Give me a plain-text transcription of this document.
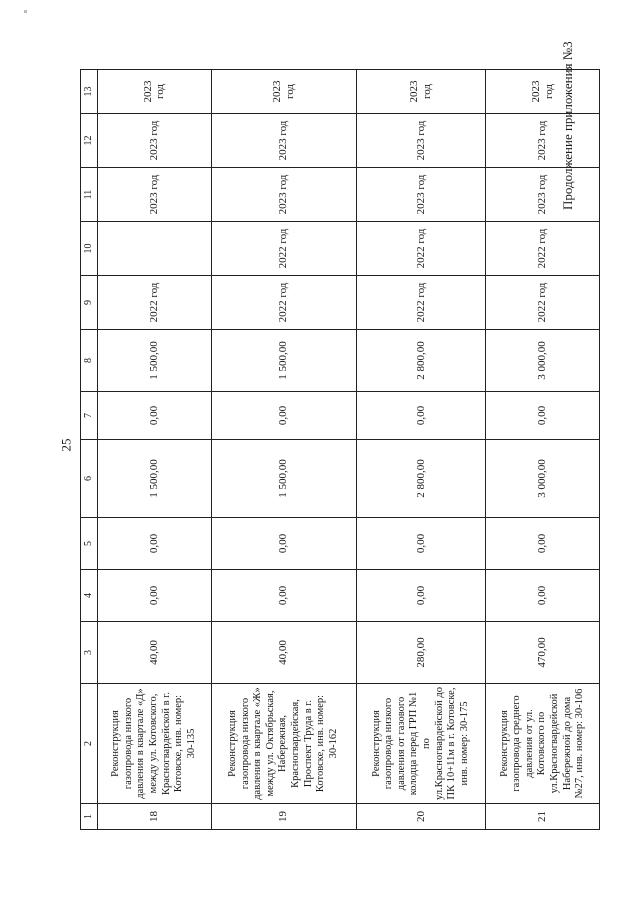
25
Продолжение приложения №3
1	2	3	4	5	6	7	8	9	10	11	12	13
18	Реконструкция газопровода низкого давления в квартале «Д» между ул. Котовского, Красногвардейской в г. Котовске, инв. номер: 30-135	40,00	0,00	0,00	1 500,00	0,00	1 500,00	2022 год		2023 год	2023 год	2023 год
19	Реконструкция газопровода низкого давления в квартале «Ж» между ул. Октябрьская, Набережная, Красногвардейская, Проспект Труда в г. Котовске, инв. номер: 30-162	40,00	0,00	0,00	1 500,00	0,00	1 500,00	2022 год	2022 год	2023 год	2023 год	2023 год
20	Реконструкция газопровода низкого давления от газового колодца перед ГРП №1 по ул.Красногвардейской до ПК 10+11м в г. Котовске, инв. номер: 30-175	280,00	0,00	0,00	2 800,00	0,00	2 800,00	2022 год	2022 год	2023 год	2023 год	2023 год
21	Реконструкция газопровода среднего давления от ул. Котовского по ул.Красногвардейской Набережной до дома №27, инв. номер: 30-106	470,00	0,00	0,00	3 000,00	0,00	3 000,00	2022 год	2022 год	2023 год	2023 год	2023 год
